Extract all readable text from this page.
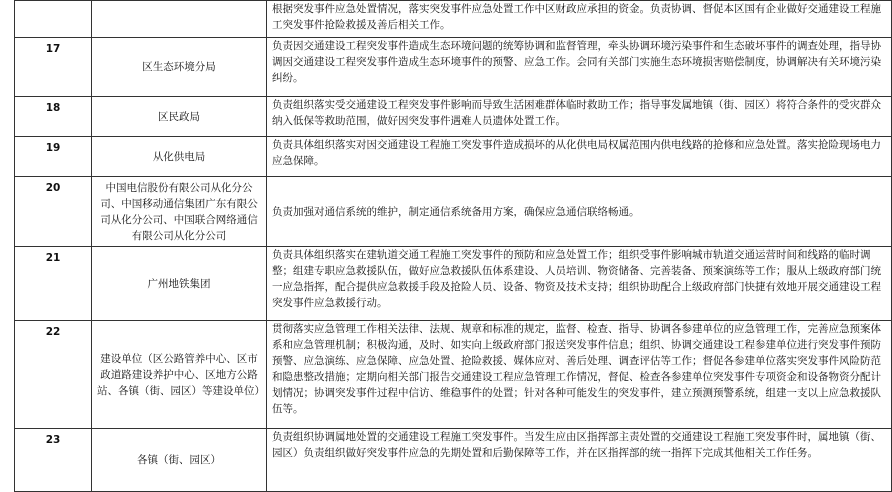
		根据突发事件应急处置情况，落实突发事件应急处置工作中区财政应承担的资金。负责协调、督促本区国有企业做好交通建设工程施工突发事件抢险救援及善后相关工作。
17	区生态环境分局	负责因交通建设工程突发事件造成生态环境问题的统筹协调和监督管理，牵头协调环境污染事件和生态破坏事件的调查处理，指导协调因交通建设工程突发事件造成生态环境事件的预警、应急工作。会同有关部门实施生态环境损害赔偿制度，协调解决有关环境污染纠纷。
18	区民政局	负责组织落实受交通建设工程突发事件影响而导致生活困难群体临时救助工作；指导事发属地镇（街、园区）将符合条件的受灾群众纳入低保等救助范围，做好因突发事件遇难人员遗体处置工作。
19	从化供电局	负责具体组织落实对因交通建设工程施工突发事件造成损坏的从化供电局权属范围内供电线路的抢修和应急处置。落实抢险现场电力应急保障。
20	中国电信股份有限公司从化分公司、中国移动通信集团广东有限公司从化分公司、中国联合网络通信有限公司从化分公司	负责加强对通信系统的维护，制定通信系统备用方案，确保应急通信联络畅通。
21	广州地铁集团	负责具体组织落实在建轨道交通工程施工突发事件的预防和应急处置工作；组织受事件影响城市轨道交通运营时间和线路的临时调整；组建专职应急救援队伍，做好应急救援队伍体系建设、人员培训、物资储备、完善装备、预案演练等工作；服从上级政府部门统一应急指挥，配合提供应急救援手段及抢险人员、设备、物资及技术支持；组织协助配合上级政府部门快捷有效地开展交通建设工程突发事件应急救援行动。
22	建设单位（区公路管养中心、区市政道路建设养护中心、区地方公路站、各镇（街、园区）等建设单位）	贯彻落实应急管理工作相关法律、法规、规章和标准的规定，监督、检查、指导、协调各参建单位的应急管理工作，完善应急预案体系和应急管理机制；积极沟通，及时、如实向上级政府部门报送突发事件信息；组织、协调交通建设工程参建单位进行突发事件预防预警、应急演练、应急保障、应急处置、抢险救援、媒体应对、善后处理、调查评估等工作；督促各参建单位落实突发事件风险防范和隐患整改措施；定期向相关部门报告交通建设工程应急管理工作情况，督促、检查各参建单位突发事件专项资金和设备物资分配计划情况；协调突发事件过程中信访、维稳事件的处置；针对各种可能发生的突发事件，建立预测预警系统，组建一支以上应急救援队伍等。
23	各镇（街、园区）	负责组织协调属地处置的交通建设工程施工突发事件。当发生应由区指挥部主责处置的交通建设工程施工突发事件时，属地镇（街、园区）负责组织做好突发事件应急的先期处置和后勤保障等工作，并在区指挥部的统一指挥下完成其他相关工作任务。
